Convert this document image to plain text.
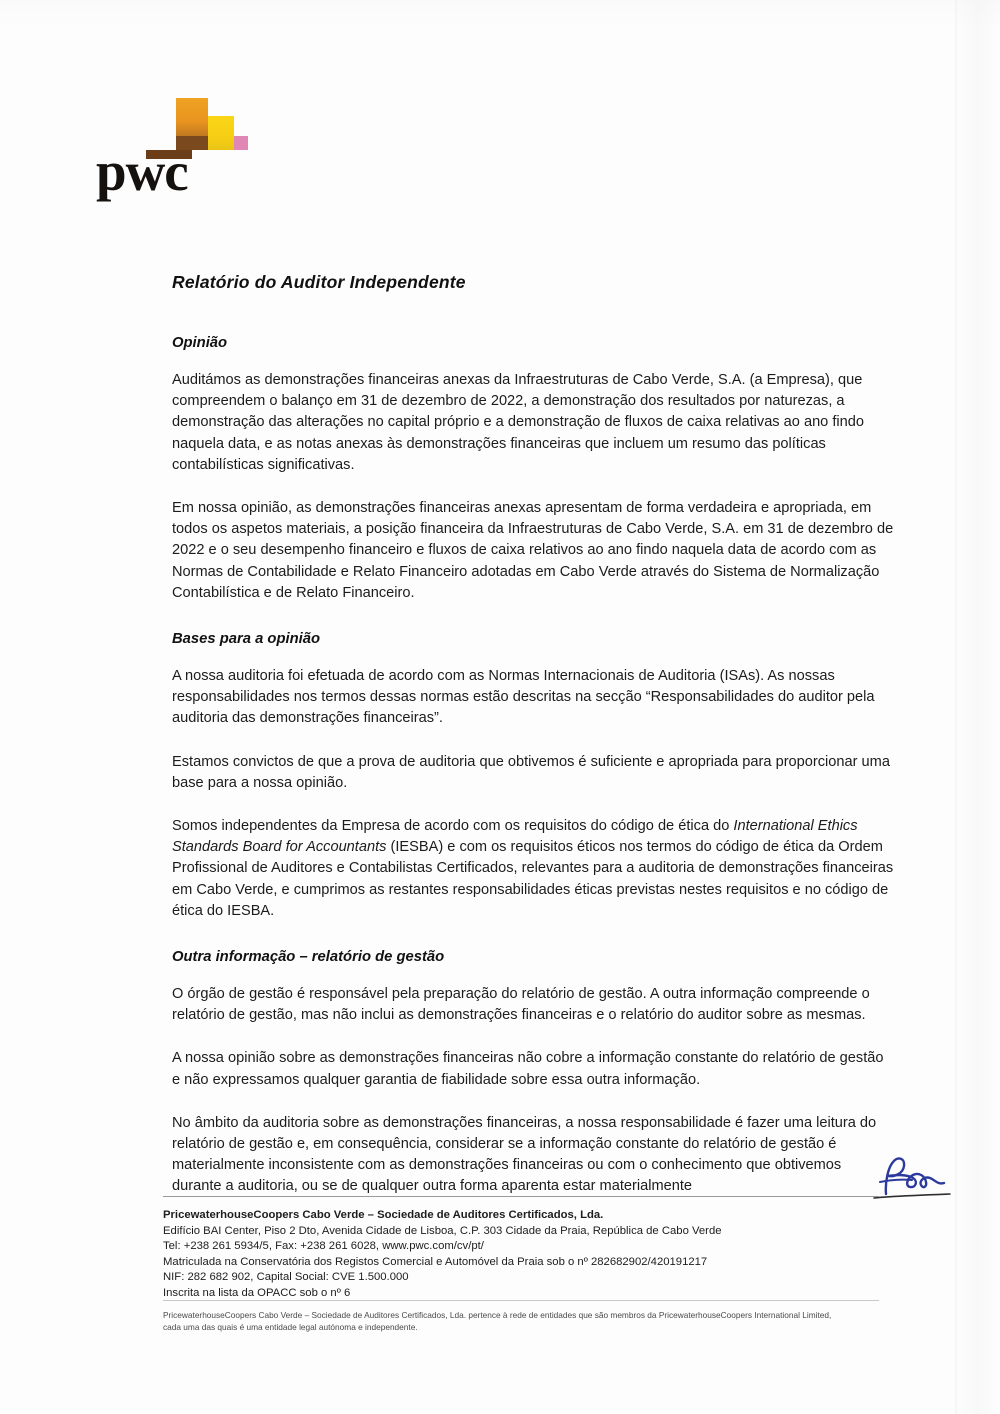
pwc
Relatório do Auditor Independente
Opinião

Auditámos as demonstrações financeiras anexas da Infraestruturas de Cabo Verde, S.A. (a Empresa), que compreendem o balanço em 31 de dezembro de 2022, a demonstração dos resultados por naturezas, a demonstração das alterações no capital próprio e a demonstração de fluxos de caixa relativas ao ano findo naquela data, e as notas anexas às demonstrações financeiras que incluem um resumo das políticas contabilísticas significativas.

Em nossa opinião, as demonstrações financeiras anexas apresentam de forma verdadeira e apropriada, em todos os aspetos materiais, a posição financeira da Infraestruturas de Cabo Verde, S.A. em 31 de dezembro de 2022 e o seu desempenho financeiro e fluxos de caixa relativos ao ano findo naquela data de acordo com as Normas de Contabilidade e Relato Financeiro adotadas em Cabo Verde através do Sistema de Normalização Contabilística e de Relato Financeiro.

Bases para a opinião

A nossa auditoria foi efetuada de acordo com as Normas Internacionais de Auditoria (ISAs). As nossas responsabilidades nos termos dessas normas estão descritas na secção “Responsabilidades do auditor pela auditoria das demonstrações financeiras”.

Estamos convictos de que a prova de auditoria que obtivemos é suficiente e apropriada para proporcionar uma base para a nossa opinião.

Somos independentes da Empresa de acordo com os requisitos do código de ética do International Ethics Standards Board for Accountants (IESBA) e com os requisitos éticos nos termos do código de ética da Ordem Profissional de Auditores e Contabilistas Certificados, relevantes para a auditoria de demonstrações financeiras em Cabo Verde, e cumprimos as restantes responsabilidades éticas previstas nestes requisitos e no código de ética do IESBA.

Outra informação – relatório de gestão

O órgão de gestão é responsável pela preparação do relatório de gestão. A outra informação compreende o relatório de gestão, mas não inclui as demonstrações financeiras e o relatório do auditor sobre as mesmas.

A nossa opinião sobre as demonstrações financeiras não cobre a informação constante do relatório de gestão e não expressamos qualquer garantia de fiabilidade sobre essa outra informação.

No âmbito da auditoria sobre as demonstrações financeiras, a nossa responsabilidade é fazer uma leitura do relatório de gestão e, em consequência, considerar se a informação constante do relatório de gestão é materialmente inconsistente com as demonstrações financeiras ou com o conhecimento que obtivemos durante a auditoria, ou se de qualquer outra forma aparenta estar materialmente

PricewaterhouseCoopers Cabo Verde – Sociedade de Auditores Certificados, Lda.
Edifício BAI Center, Piso 2 Dto, Avenida Cidade de Lisboa, C.P. 303 Cidade da Praia, República de Cabo Verde
Tel: +238 261 5934/5, Fax: +238 261 6028, www.pwc.com/cv/pt/
Matriculada na Conservatória dos Registos Comercial e Automóvel da Praia sob o nº 282682902/420191217
NIF: 282 682 902, Capital Social: CVE 1.500.000
Inscrita na lista da OPACC sob o nº 6
PricewaterhouseCoopers Cabo Verde – Sociedade de Auditores Certificados, Lda. pertence à rede de entidades que são membros da PricewaterhouseCoopers International Limited,
cada uma das quais é uma entidade legal autónoma e independente.
